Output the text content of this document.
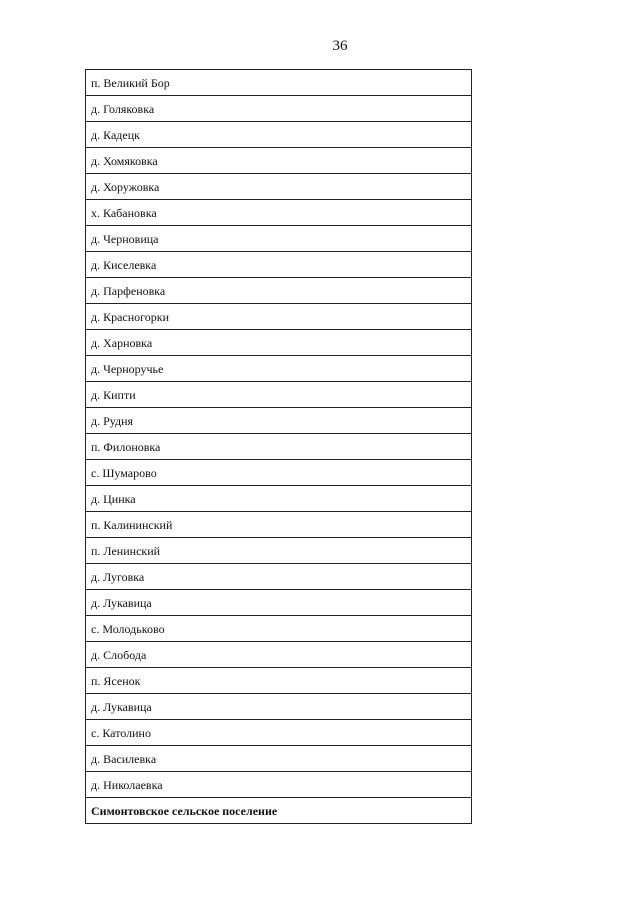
36
п. Великий Бор
д. Голяковка
д. Кадецк
д. Хомяковка
д. Хоружовка
х. Кабановка
д. Черновица
д. Киселевка
д. Парфеновка
д. Красногорки
д. Харновка
д. Черноручье
д. Кипти
д. Рудня
п. Филоновка
с. Шумарово
д. Цинка
п. Калининский
п. Ленинский
д. Луговка
д. Лукавица
с. Молодьково
д. Слобода
п. Ясенок
д. Лукавица
с. Католино
д. Василевка
д. Николаевка
Симонтовское сельское поселение
